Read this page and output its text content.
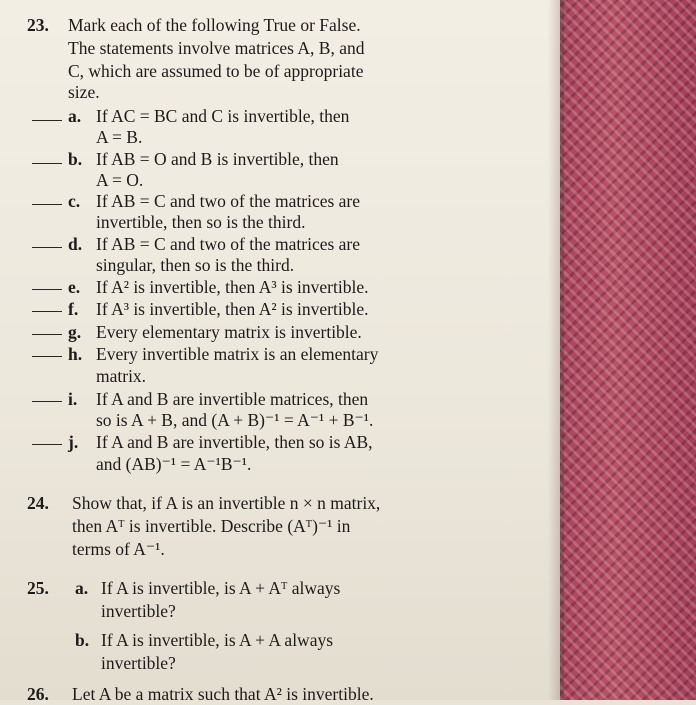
23. Mark each of the following True or False.
The statements involve matrices A, B, and
C, which are assumed to be of appropriate
size.
a. If AC = BC and C is invertible, then
A = B.
b. If AB = O and B is invertible, then
A = O.
c. If AB = C and two of the matrices are
invertible, then so is the third.
d. If AB = C and two of the matrices are
singular, then so is the third.
e. If A² is invertible, then A³ is invertible.
f. If A³ is invertible, then A² is invertible.
g. Every elementary matrix is invertible.
h. Every invertible matrix is an elementary
matrix.
i. If A and B are invertible matrices, then
so is A + B, and (A + B)⁻¹ = A⁻¹ + B⁻¹.
j. If A and B are invertible, then so is AB,
and (AB)⁻¹ = A⁻¹B⁻¹.
24. Show that, if A is an invertible n × n matrix,
then Aᵀ is invertible. Describe (Aᵀ)⁻¹ in
terms of A⁻¹.
25. a. If A is invertible, is A + Aᵀ always
invertible?
b. If A is invertible, is A + A always
invertible?
26. Let A be a matrix such that A² is invertible.
